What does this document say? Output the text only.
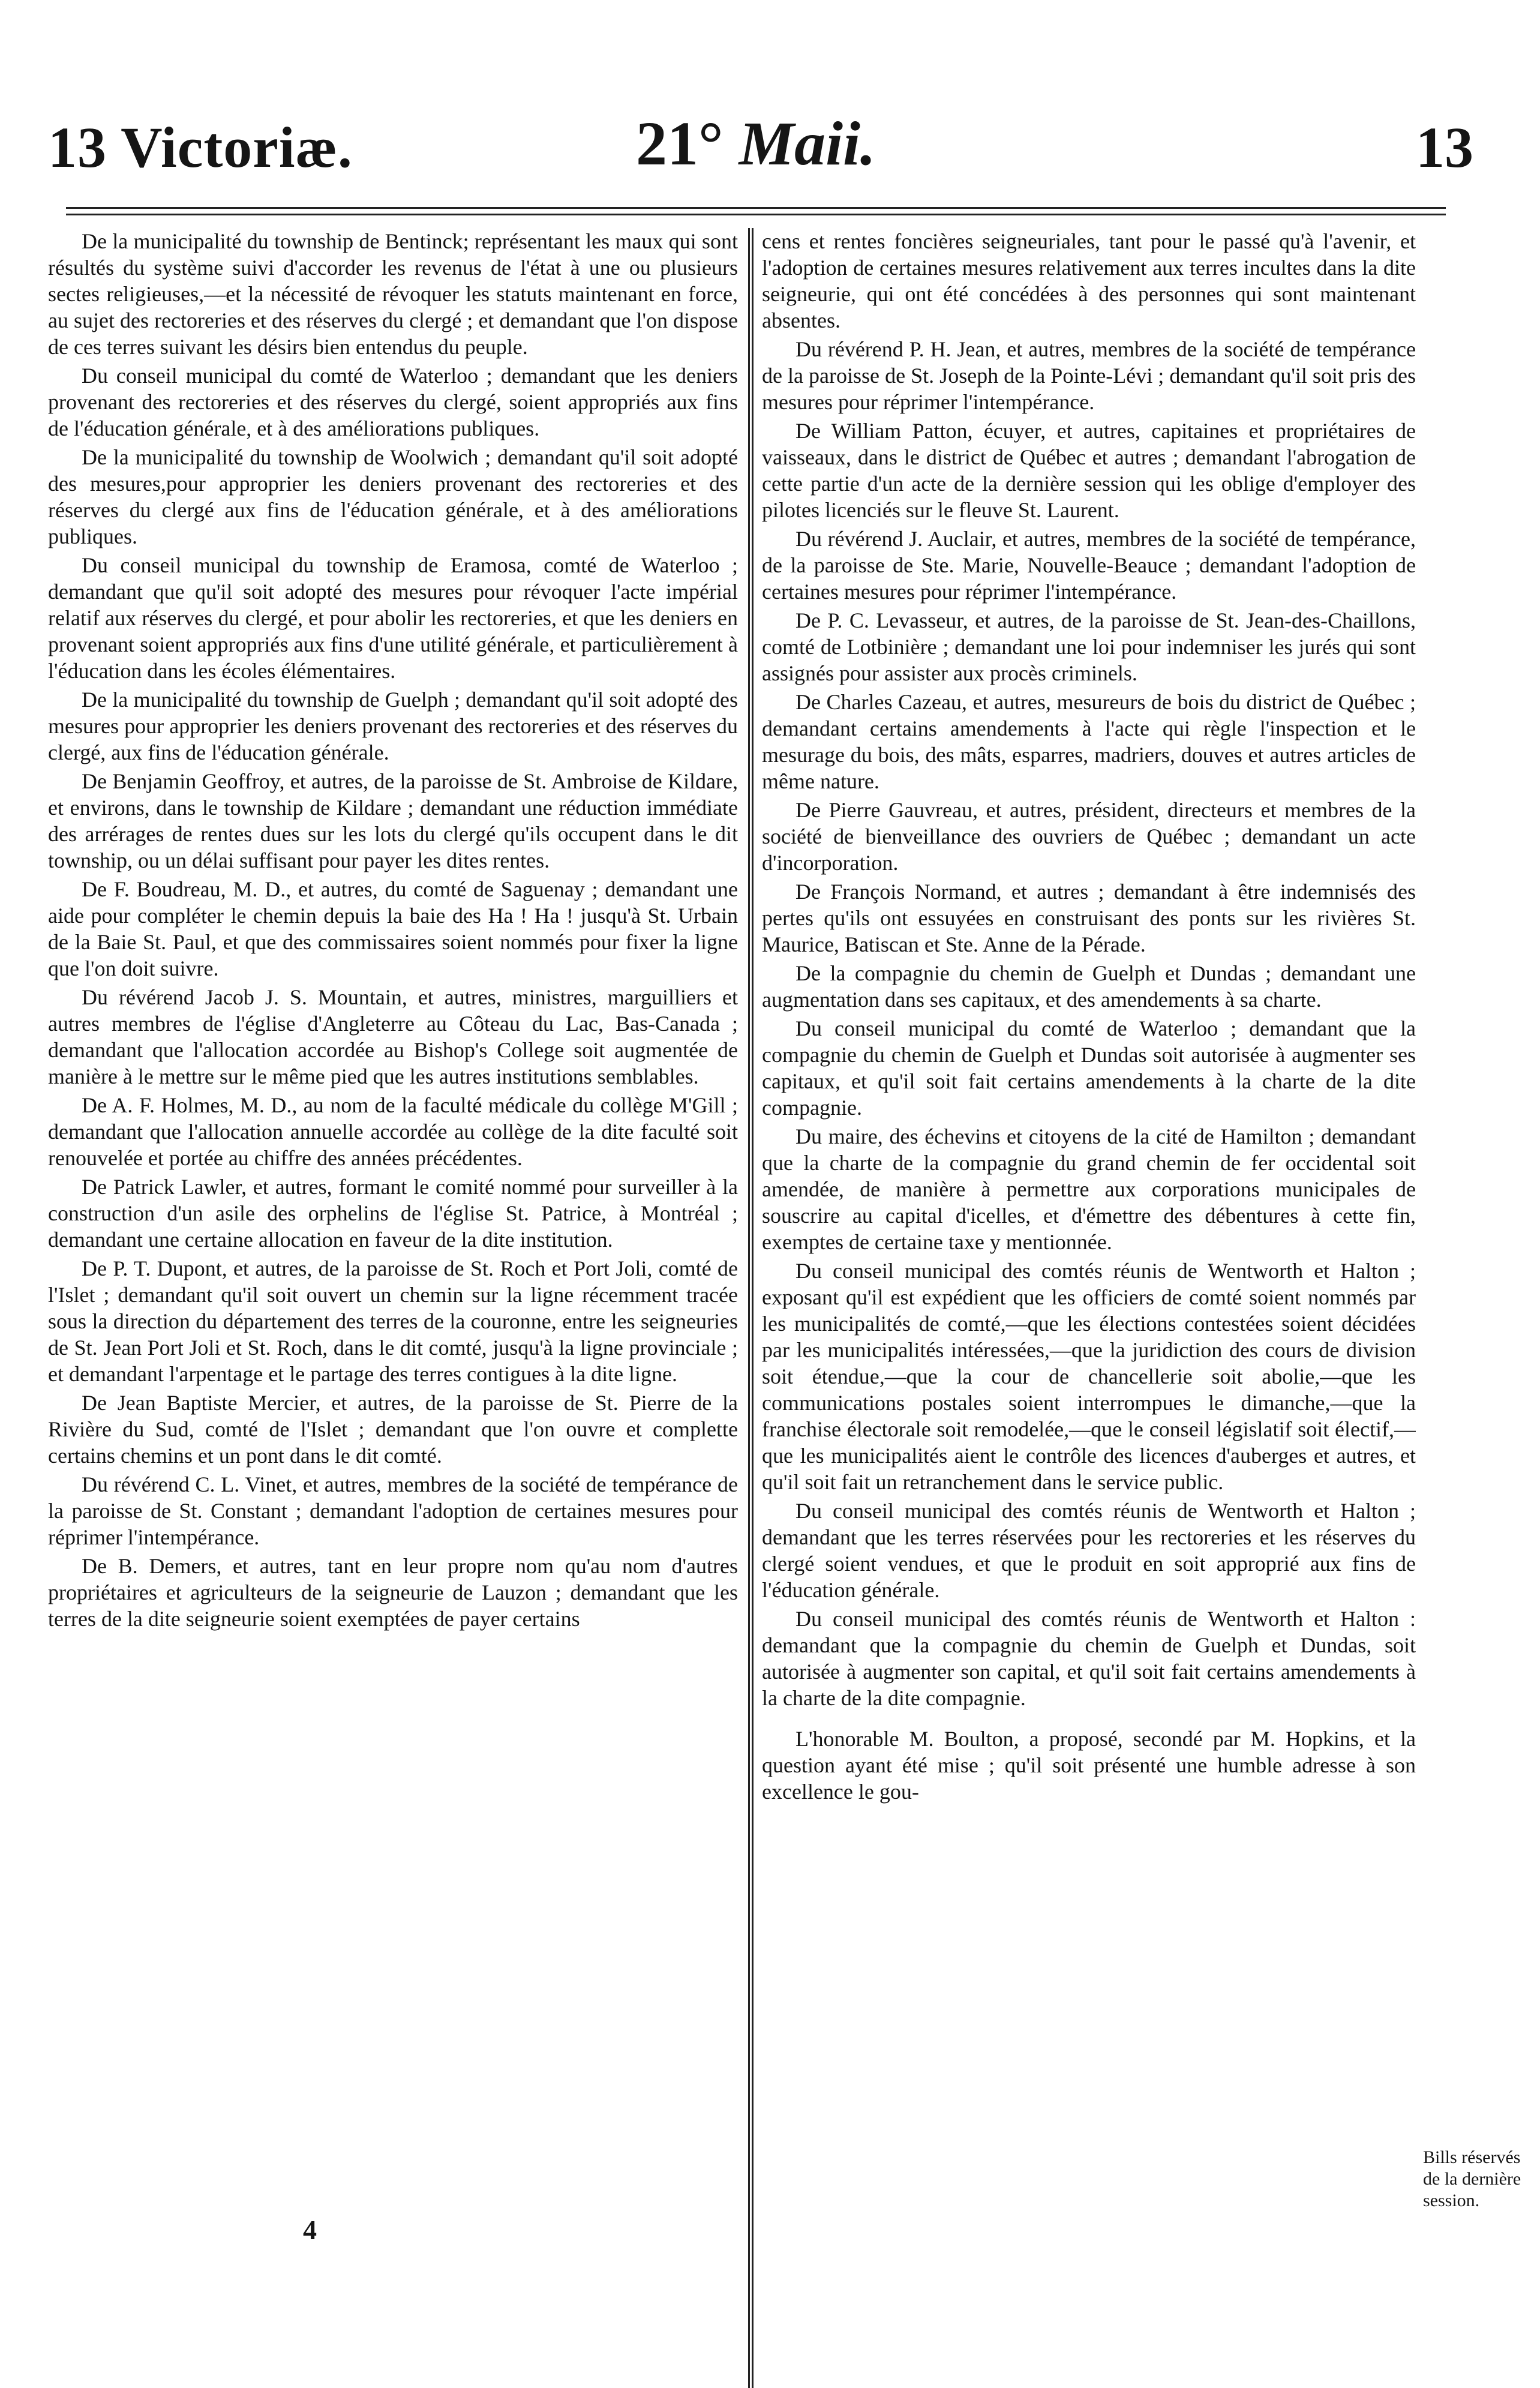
13 Victoriæ.	21° Maii.	13

De la municipalité du township de Bentinck; représentant les maux qui sont résultés du système suivi d'accorder les revenus de l'état à une ou plusieurs sectes religieuses,—et la nécessité de révoquer les statuts maintenant en force, au sujet des rectoreries et des réserves du clergé ; et demandant que l'on dispose de ces terres suivant les désirs bien entendus du peuple.

Du conseil municipal du comté de Waterloo ; demandant que les deniers provenant des rectoreries et des réserves du clergé, soient appropriés aux fins de l'éducation générale, et à des améliorations publiques.

De la municipalité du township de Woolwich ; demandant qu'il soit adopté des mesures,pour approprier les deniers provenant des rectoreries et des réserves du clergé aux fins de l'éducation générale, et à des améliorations publiques.

Du conseil municipal du township de Eramosa, comté de Waterloo ; demandant que qu'il soit adopté des mesures pour révoquer l'acte impérial relatif aux réserves du clergé, et pour abolir les rectoreries, et que les deniers en provenant soient appropriés aux fins d'une utilité générale, et particulièrement à l'éducation dans les écoles élémentaires.

De la municipalité du township de Guelph ; demandant qu'il soit adopté des mesures pour approprier les deniers provenant des rectoreries et des réserves du clergé, aux fins de l'éducation générale.

De Benjamin Geoffroy, et autres, de la paroisse de St. Ambroise de Kildare, et environs, dans le township de Kildare ; demandant une réduction immédiate des arrérages de rentes dues sur les lots du clergé qu'ils occupent dans le dit township, ou un délai suffisant pour payer les dites rentes.

De F. Boudreau, M. D., et autres, du comté de Saguenay ; demandant une aide pour compléter le chemin depuis la baie des Ha ! Ha ! jusqu'à St. Urbain de la Baie St. Paul, et que des commissaires soient nommés pour fixer la ligne que l'on doit suivre.

Du révérend Jacob J. S. Mountain, et autres, ministres, marguilliers et autres membres de l'église d'Angleterre au Côteau du Lac, Bas-Canada ; demandant que l'allocation accordée au Bishop's College soit augmentée de manière à le mettre sur le même pied que les autres institutions semblables.

De A. F. Holmes, M. D., au nom de la faculté médicale du collège M'Gill ; demandant que l'allocation annuelle accordée au collège de la dite faculté soit renouvelée et portée au chiffre des années précédentes.

De Patrick Lawler, et autres, formant le comité nommé pour surveiller à la construction d'un asile des orphelins de l'église St. Patrice, à Montréal ; demandant une certaine allocation en faveur de la dite institution.

De P. T. Dupont, et autres, de la paroisse de St. Roch et Port Joli, comté de l'Islet ; demandant qu'il soit ouvert un chemin sur la ligne récemment tracée sous la direction du département des terres de la couronne, entre les seigneuries de St. Jean Port Joli et St. Roch, dans le dit comté, jusqu'à la ligne provinciale ; et demandant l'arpentage et le partage des terres contigues à la dite ligne.

De Jean Baptiste Mercier, et autres, de la paroisse de St. Pierre de la Rivière du Sud, comté de l'Islet ; demandant que l'on ouvre et complette certains chemins et un pont dans le dit comté.

Du révérend C. L. Vinet, et autres, membres de la société de tempérance de la paroisse de St. Constant ; demandant l'adoption de certaines mesures pour réprimer l'intempérance.

De B. Demers, et autres, tant en leur propre nom qu'au nom d'autres propriétaires et agriculteurs de la seigneurie de Lauzon ; demandant que les terres de la dite seigneurie soient exemptées de payer certains

cens et rentes foncières seigneuriales, tant pour le passé qu'à l'avenir, et l'adoption de certaines mesures relativement aux terres incultes dans la dite seigneurie, qui ont été concédées à des personnes qui sont maintenant absentes.

Du révérend P. H. Jean, et autres, membres de la société de tempérance de la paroisse de St. Joseph de la Pointe-Lévi ; demandant qu'il soit pris des mesures pour réprimer l'intempérance.

De William Patton, écuyer, et autres, capitaines et propriétaires de vaisseaux, dans le district de Québec et autres ; demandant l'abrogation de cette partie d'un acte de la dernière session qui les oblige d'employer des pilotes licenciés sur le fleuve St. Laurent.

Du révérend J. Auclair, et autres, membres de la société de tempérance, de la paroisse de Ste. Marie, Nouvelle-Beauce ; demandant l'adoption de certaines mesures pour réprimer l'intempérance.

De P. C. Levasseur, et autres, de la paroisse de St. Jean-des-Chaillons, comté de Lotbinière ; demandant une loi pour indemniser les jurés qui sont assignés pour assister aux procès criminels.

De Charles Cazeau, et autres, mesureurs de bois du district de Québec ; demandant certains amendements à l'acte qui règle l'inspection et le mesurage du bois, des mâts, esparres, madriers, douves et autres articles de même nature.

De Pierre Gauvreau, et autres, président, directeurs et membres de la société de bienveillance des ouvriers de Québec ; demandant un acte d'incorporation.

De François Normand, et autres ; demandant à être indemnisés des pertes qu'ils ont essuyées en construisant des ponts sur les rivières St. Maurice, Batiscan et Ste. Anne de la Pérade.

De la compagnie du chemin de Guelph et Dundas ; demandant une augmentation dans ses capitaux, et des amendements à sa charte.

Du conseil municipal du comté de Waterloo ; demandant que la compagnie du chemin de Guelph et Dundas soit autorisée à augmenter ses capitaux, et qu'il soit fait certains amendements à la charte de la dite compagnie.

Du maire, des échevins et citoyens de la cité de Hamilton ; demandant que la charte de la compagnie du grand chemin de fer occidental soit amendée, de manière à permettre aux corporations municipales de souscrire au capital d'icelles, et d'émettre des débentures à cette fin, exemptes de certaine taxe y mentionnée.

Du conseil municipal des comtés réunis de Wentworth et Halton ; exposant qu'il est expédient que les officiers de comté soient nommés par les municipalités de comté,—que les élections contestées soient décidées par les municipalités intéressées,—que la juridiction des cours de division soit étendue,—que la cour de chancellerie soit abolie,—que les communications postales soient interrompues le dimanche,—que la franchise électorale soit remodelée,—que le conseil législatif soit électif,—que les municipalités aient le contrôle des licences d'auberges et autres, et qu'il soit fait un retranchement dans le service public.

Du conseil municipal des comtés réunis de Wentworth et Halton ; demandant que les terres réservées pour les rectoreries et les réserves du clergé soient vendues, et que le produit en soit approprié aux fins de l'éducation générale.

Du conseil municipal des comtés réunis de Wentworth et Halton : demandant que la compagnie du chemin de Guelph et Dundas, soit autorisée à augmenter son capital, et qu'il soit fait certains amendements à la charte de la dite compagnie.

L'honorable M. Boulton, a proposé, secondé par M. Hopkins, et la question ayant été mise ; qu'il soit présenté une humble adresse à son excellence le gou-

Bills réservés de la dernière session.
4
